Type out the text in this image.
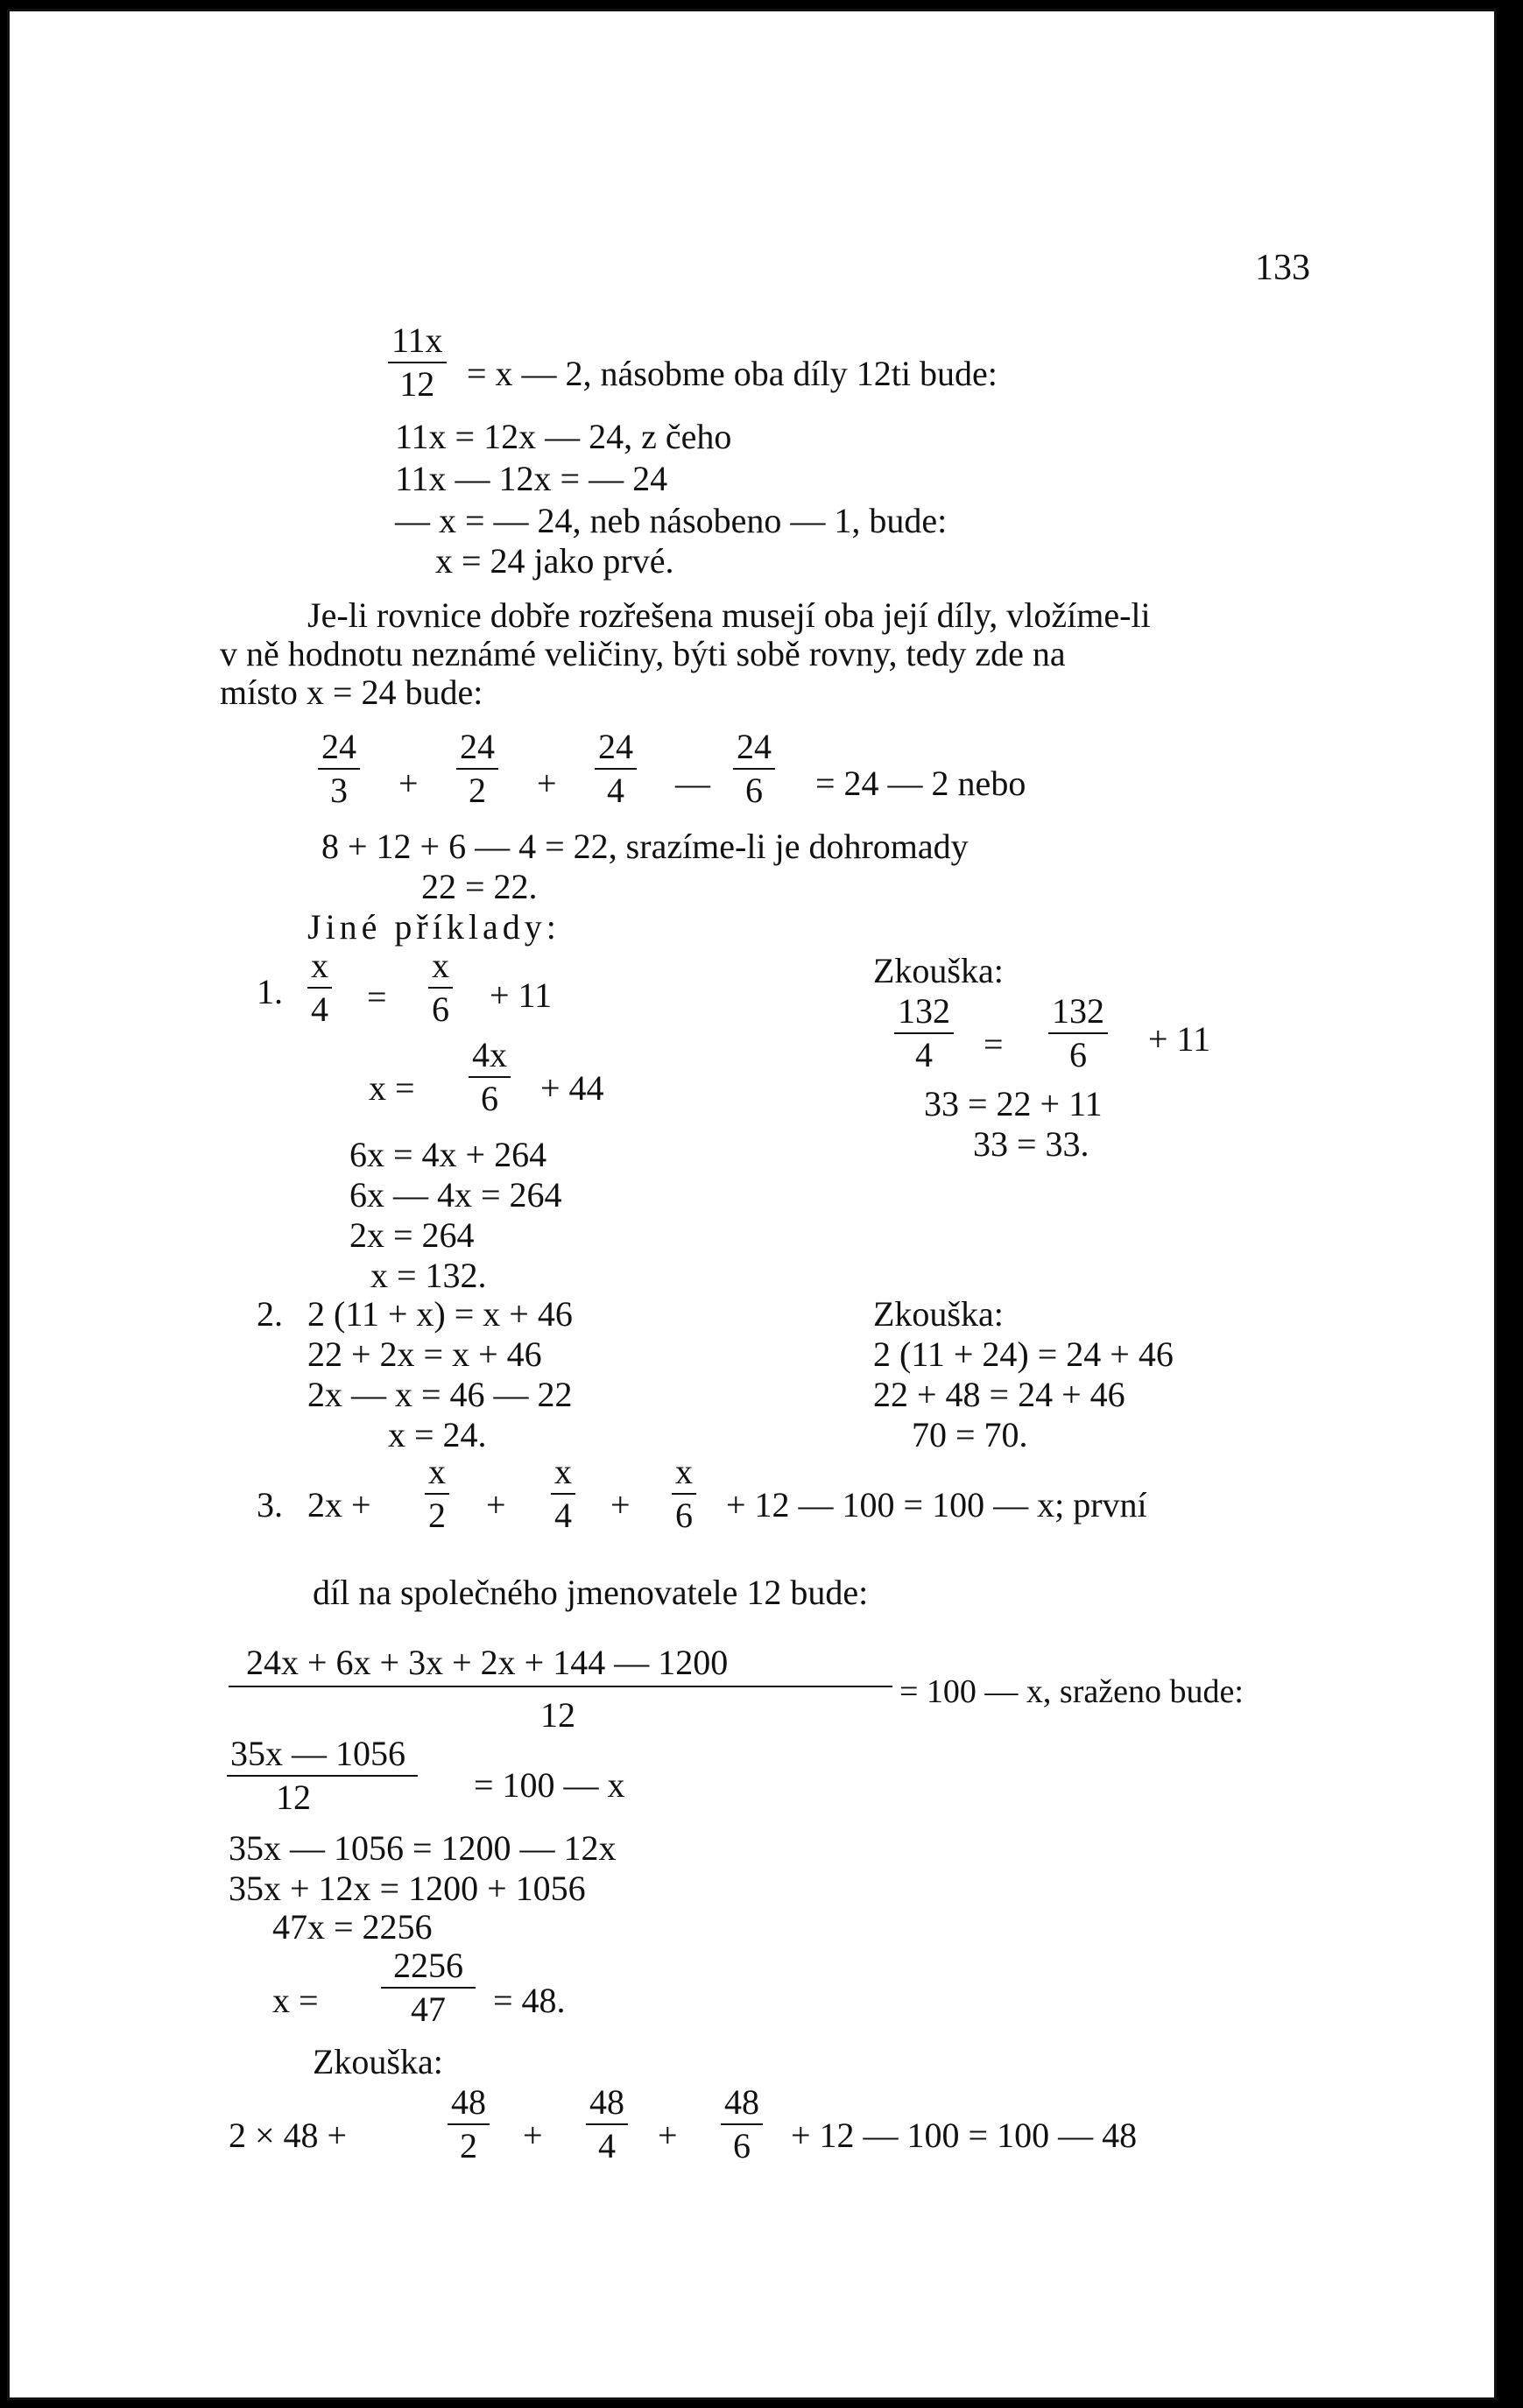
133
$\frac{11x}{12} = x$ — 2, násobme oba díly 12ti bude:
11x = 12x — 24, z čeho
11x — 12x = — 24
— x = — 24, neb násobeno — 1, bude:
x = 24 jako prvé.
Je-li rovnice dobře rozřešena musejí oba její díly, vložíme-li
v ně hodnotu neznámé veličiny, býti sobě rovny, tedy zde na
místo x = 24 bude:
$\frac{24}{3} + \frac{24}{2} + \frac{24}{4}$ — $\frac{24}{6} = 24$ — 2 nebo
8 + 12 + 6 — 4 = 22, srazíme-li je dohromady
22 = 22.
Jiné příklady:
1. $\frac{x}{4} = \frac{x}{6} + 11$
$x = \frac{4x}{6} + 44$
6x = 4x + 264
6x — 4x = 264
2x = 264
x = 132.
Zkouška:
$\frac{132}{4} = \frac{132}{6} + 11$
33 = 22 + 11
33 = 33.
2. 2 (11 + x) = x + 46
22 + 2x = x + 46
2x — x = 46 — 22
x = 24.
Zkouška:
2 (11 + 24) = 24 + 46
22 + 48 = 24 + 46
70 = 70.
3. $2x + \frac{x}{2} + \frac{x}{4} + \frac{x}{6} + 12$ — 100 = 100 — x; první
díl na společného jmenovatele 12 bude:
24x + 6x + 3x + 2x + 144 — 1200
12
= 100 — x, sraženo bude:
$\frac{35x — 1056}{12} = 100$ — x
35x — 1056 = 1200 — 12x
35x + 12x = 1200 + 1056
47x = 2256
$x = \frac{2256}{47} = 48$.
Zkouška:
2 × 48 +	$\frac{48}{2} + \frac{48}{4} + \frac{48}{6} + 12$ — 100 = 100 — 48
